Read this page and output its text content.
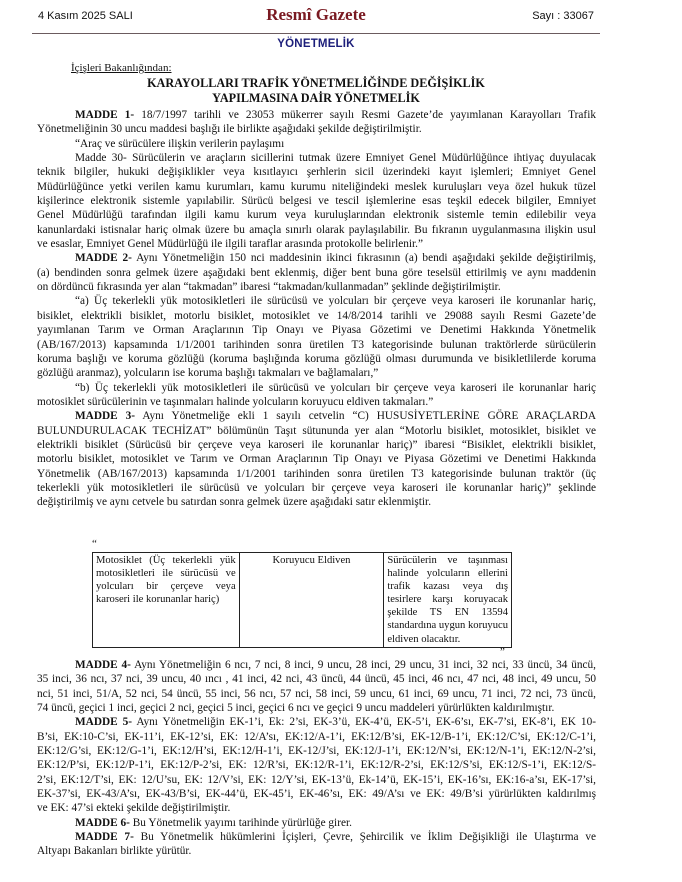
4 Kasım 2025 SALI	Resmî Gazete	Sayı : 33067
YÖNETMELİK
İçişleri Bakanlığından:
KARAYOLLARI TRAFİK YÖNETMELİĞİNDE DEĞİŞİKLİK
YAPILMASINA DAİR YÖNETMELİK
MADDE 1- 18/7/1997 tarihli ve 23053 mükerrer sayılı Resmi Gazete’de yayımlanan Karayolları Trafik
Yönetmeliğinin 30 uncu maddesi başlığı ile birlikte aşağıdaki şekilde değiştirilmiştir.
“Araç ve sürücülere ilişkin verilerin paylaşımı
Madde 30- Sürücülerin ve araçların sicillerini tutmak üzere Emniyet Genel Müdürlüğünce ihtiyaç duyulacak
teknik bilgiler, hukuki değişiklikler veya kısıtlayıcı şerhlerin sicil üzerindeki kayıt işlemleri; Emniyet Genel
Müdürlüğünce yetki verilen kamu kurumları, kamu kurumu niteliğindeki meslek kuruluşları veya özel hukuk tüzel
kişilerince elektronik sistemle yapılabilir. Sürücü belgesi ve tescil işlemlerine esas teşkil edecek bilgiler, Emniyet
Genel Müdürlüğü tarafından ilgili kamu kurum veya kuruluşlarından elektronik sistemle temin edilebilir veya
kanunlardaki istisnalar hariç olmak üzere bu amaçla sınırlı olarak paylaşılabilir. Bu fıkranın uygulanmasına ilişkin usul
ve esaslar, Emniyet Genel Müdürlüğü ile ilgili taraflar arasında protokolle belirlenir.”
MADDE 2- Aynı Yönetmeliğin 150 nci maddesinin ikinci fıkrasının (a) bendi aşağıdaki şekilde değiştirilmiş,
(a) bendinden sonra gelmek üzere aşağıdaki bent eklenmiş, diğer bent buna göre teselsül ettirilmiş ve aynı maddenin
on dördüncü fıkrasında yer alan “takmadan” ibaresi “takmadan/kullanmadan” şeklinde değiştirilmiştir.
“a) Üç tekerlekli yük motosikletleri ile sürücüsü ve yolcuları bir çerçeve veya karoseri ile korunanlar hariç,
bisiklet, elektrikli bisiklet, motorlu bisiklet, motosiklet ve 14/8/2014 tarihli ve 29088 sayılı Resmi Gazete’de
yayımlanan Tarım ve Orman Araçlarının Tip Onayı ve Piyasa Gözetimi ve Denetimi Hakkında Yönetmelik
(AB/167/2013) kapsamında 1/1/2001 tarihinden sonra üretilen T3 kategorisinde bulunan traktörlerde sürücülerin
koruma başlığı ve koruma gözlüğü (koruma başlığında koruma gözlüğü olması durumunda ve bisikletlilerde koruma
gözlüğü aranmaz), yolcuların ise koruma başlığı takmaları ve bağlamaları,”
“b) Üç tekerlekli yük motosikletleri ile sürücüsü ve yolcuları bir çerçeve veya karoseri ile korunanlar hariç
motosiklet sürücülerinin ve taşınmaları halinde yolcuların koruyucu eldiven takmaları.”
MADDE 3- Aynı Yönetmeliğe ekli 1 sayılı cetvelin “C) HUSUSİYETLERİNE GÖRE ARAÇLARDA
BULUNDURULACAK TECHİZAT” bölümünün Taşıt sütununda yer alan “Motorlu bisiklet, motosiklet, bisiklet ve
elektrikli bisiklet (Sürücüsü bir çerçeve veya karoseri ile korunanlar hariç)” ibaresi “Bisiklet, elektrikli bisiklet,
motorlu bisiklet, motosiklet ve Tarım ve Orman Araçlarının Tip Onayı ve Piyasa Gözetimi ve Denetimi Hakkında
Yönetmelik (AB/167/2013) kapsamında 1/1/2001 tarihinden sonra üretilen T3 kategorisinde bulunan traktör (üç
tekerlekli yük motosikletleri ile sürücüsü ve yolcuları bir çerçeve veya karoseri ile korunanlar hariç)” şeklinde
değiştirilmiş ve aynı cetvele bu satırdan sonra gelmek üzere aşağıdaki satır eklenmiştir.
“
Motosiklet (Üç tekerlekli yük
motosikletleri ile sürücüsü ve
yolcuları bir çerçeve veya
karoseri ile korunanlar hariç)
	Koruyucu Eldiven	Sürücülerin ve taşınması
halinde yolcuların ellerini
trafik kazası veya dış
tesirlere karşı koruyacak
şekilde TS EN 13594
standardına uygun koruyucu
eldiven olacaktır.
”
MADDE 4- Aynı Yönetmeliğin 6 ncı, 7 nci, 8 inci, 9 uncu, 28 inci, 29 uncu, 31 inci, 32 nci, 33 üncü, 34 üncü,
35 inci, 36 ncı, 37 nci, 39 uncu, 40 ıncı , 41 inci, 42 nci, 43 üncü, 44 üncü, 45 inci, 46 ncı, 47 nci, 48 inci, 49 uncu, 50
nci, 51 inci, 51/A, 52 nci, 54 üncü, 55 inci, 56 ncı, 57 nci, 58 inci, 59 uncu, 61 inci, 69 uncu, 71 inci, 72 nci, 73 üncü,
74 üncü, geçici 1 inci, geçici 2 nci, geçici 5 inci, geçici 6 ncı ve geçici 9 uncu maddeleri yürürlükten kaldırılmıştır.
MADDE 5- Aynı Yönetmeliğin EK-1’i, Ek: 2’si, EK-3’ü, EK-4’ü, EK-5’i, EK-6’sı, EK-7’si, EK-8’i, EK 10-
B’si, EK:10-C’si, EK-11’i, EK-12’si, EK: 12/A’sı, EK:12/A-1’i, EK:12/B’si, EK-12/B-1’i, EK:12/C’si, EK:12/C-1’i,
EK:12/G’si, EK:12/G-1’i, EK:12/H’si, EK:12/H-1’i, EK-12/J’si, EK:12/J-1’i, EK:12/N’si, EK:12/N-1’i, EK:12/N-2’si,
EK:12/P’si, EK:12/P-1’i, EK:12/P-2’si, EK: 12/R’si, EK:12/R-1’i, EK:12/R-2’si, EK:12/S’si, EK:12/S-1’i, EK:12/S-
2’si, EK:12/T’si, EK: 12/U’su, EK: 12/V’si, EK: 12/Y’si, EK-13’ü, Ek-14’ü, EK-15’i, EK-16’sı, EK:16-a’sı, EK-17’si,
EK-37’si, EK-43/A’sı, EK-43/B’si, EK-44’ü, EK-45’i, EK-46’sı, EK: 49/A’sı ve EK: 49/B’si yürürlükten kaldırılmış
ve EK: 47’si ekteki şekilde değiştirilmiştir.
MADDE 6- Bu Yönetmelik yayımı tarihinde yürürlüğe girer.
MADDE 7- Bu Yönetmelik hükümlerini İçişleri, Çevre, Şehircilik ve İklim Değişikliği ile Ulaştırma ve
Altyapı Bakanları birlikte yürütür.
